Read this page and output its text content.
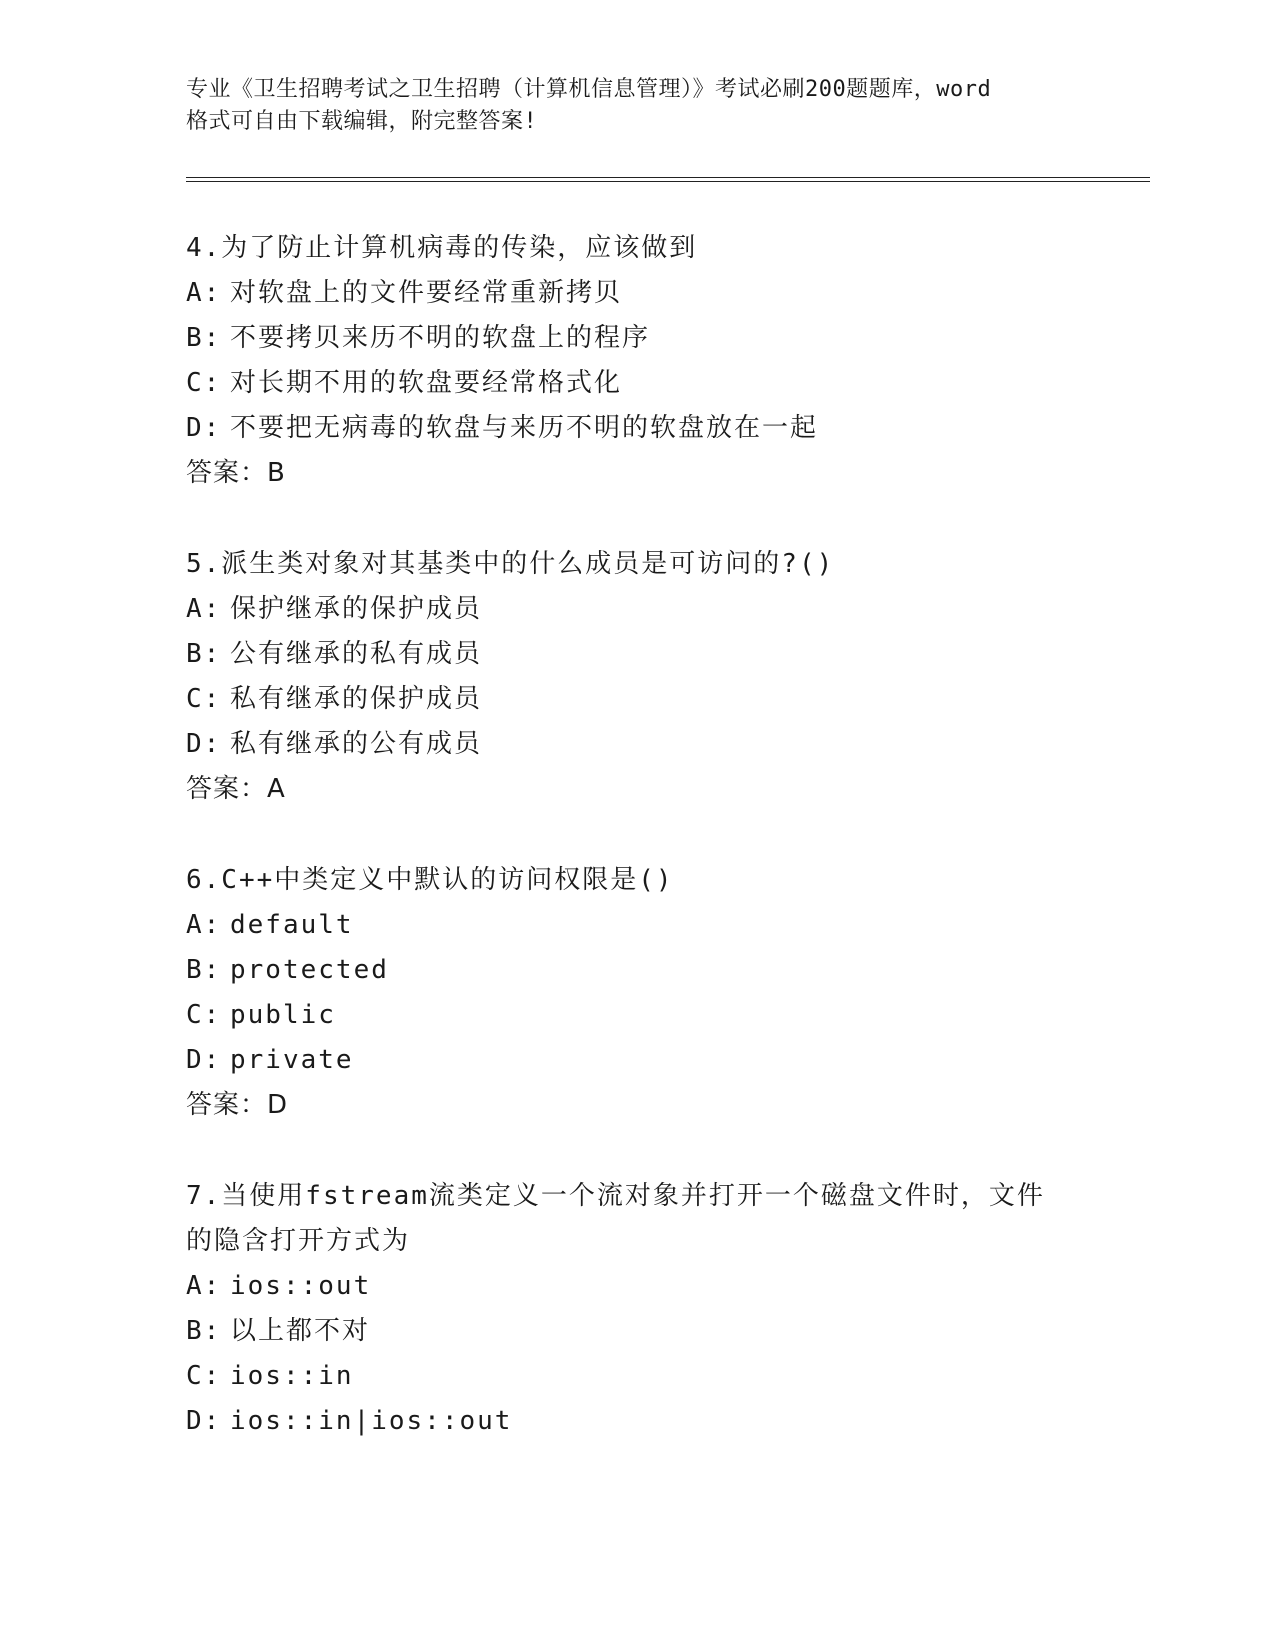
专业《卫生招聘考试之卫生招聘（计算机信息管理）》考试必刷200题题库，word
格式可自由下载编辑，附完整答案!
4.为了防止计算机病毒的传染，应该做到
A: 对软盘上的文件要经常重新拷贝
B: 不要拷贝来历不明的软盘上的程序
C: 对长期不用的软盘要经常格式化
D: 不要把无病毒的软盘与来历不明的软盘放在一起
答案：B
5.派生类对象对其基类中的什么成员是可访问的?()
A: 保护继承的保护成员
B: 公有继承的私有成员
C: 私有继承的保护成员
D: 私有继承的公有成员
答案：A
6.C++中类定义中默认的访问权限是()
A: default
B: protected
C: public
D: private
答案：D
7.当使用fstream流类定义一个流对象并打开一个磁盘文件时，文件
的隐含打开方式为
A: ios::out
B: 以上都不对
C: ios::in
D: ios::in|ios::out
